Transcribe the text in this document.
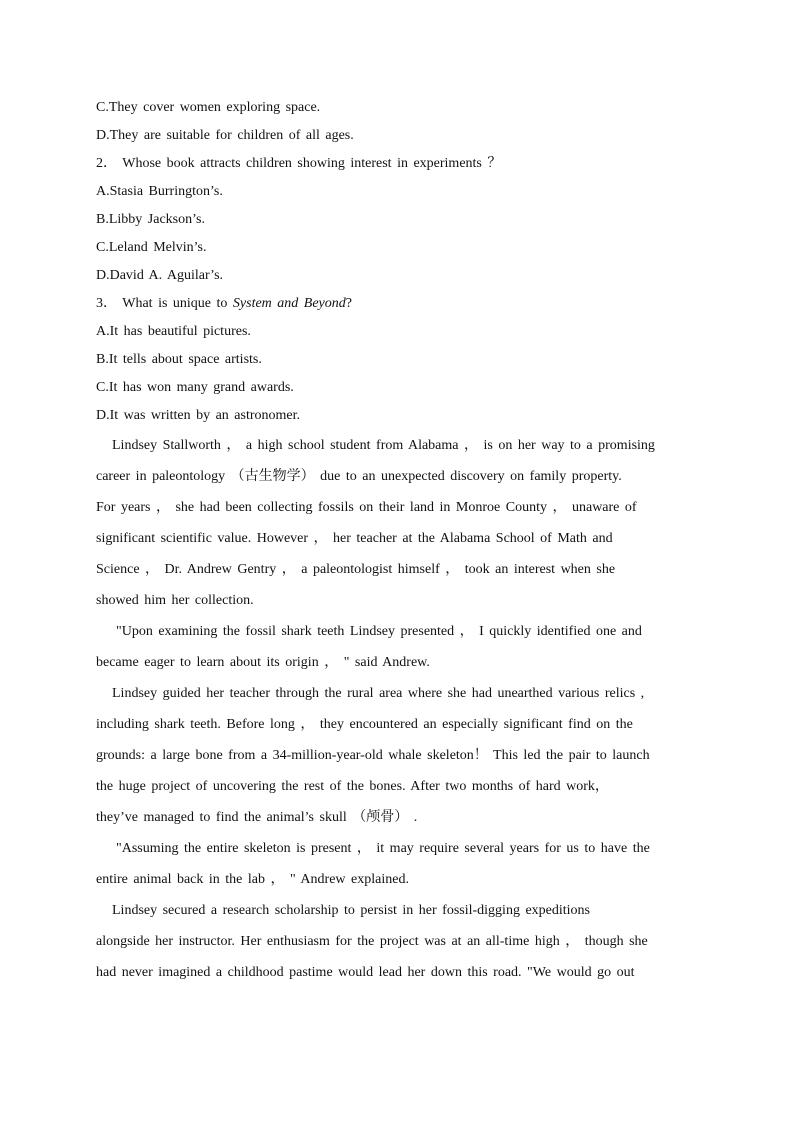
C.They cover women exploring space.
D.They are suitable for children of all ages.
2． Whose book attracts children showing interest in experiments ？
A.Stasia Burrington’s.
B.Libby Jackson’s.
C.Leland Melvin’s.
D.David A. Aguilar’s.
3． What is unique to System and Beyond?
A.It has beautiful pictures.
B.It tells about space artists.
C.It has won many grand awards.
D.It was written by an astronomer.
Lindsey Stallworth ， a high school student from Alabama ， is on her way to a promising
career in paleontology （古生物学） due to an unexpected discovery on family property.
For years ， she had been collecting fossils on their land in Monroe County ， unaware of
significant scientific value. However ， her teacher at the Alabama School of Math and
Science ， Dr. Andrew Gentry ， a paleontologist himself ， took an interest when she
showed him her collection.
"Upon examining the fossil shark teeth Lindsey presented ， I quickly identified one and
became eager to learn about its origin ， " said Andrew.
Lindsey guided her teacher through the rural area where she had unearthed various relics ,
including shark teeth. Before long ， they encountered an especially significant find on the
grounds: a large bone from a 34-million-year-old whale skeleton！ This led the pair to launch
the huge project of uncovering the rest of the bones. After two months of hard work，
they’ve managed to find the animal’s skull （颅骨） .
"Assuming the entire skeleton is present ， it may require several years for us to have the
entire animal back in the lab ， " Andrew explained.
Lindsey secured a research scholarship to persist in her fossil-digging expeditions
alongside her instructor. Her enthusiasm for the project was at an all-time high ， though she
had never imagined a childhood pastime would lead her down this road. "We would go out
